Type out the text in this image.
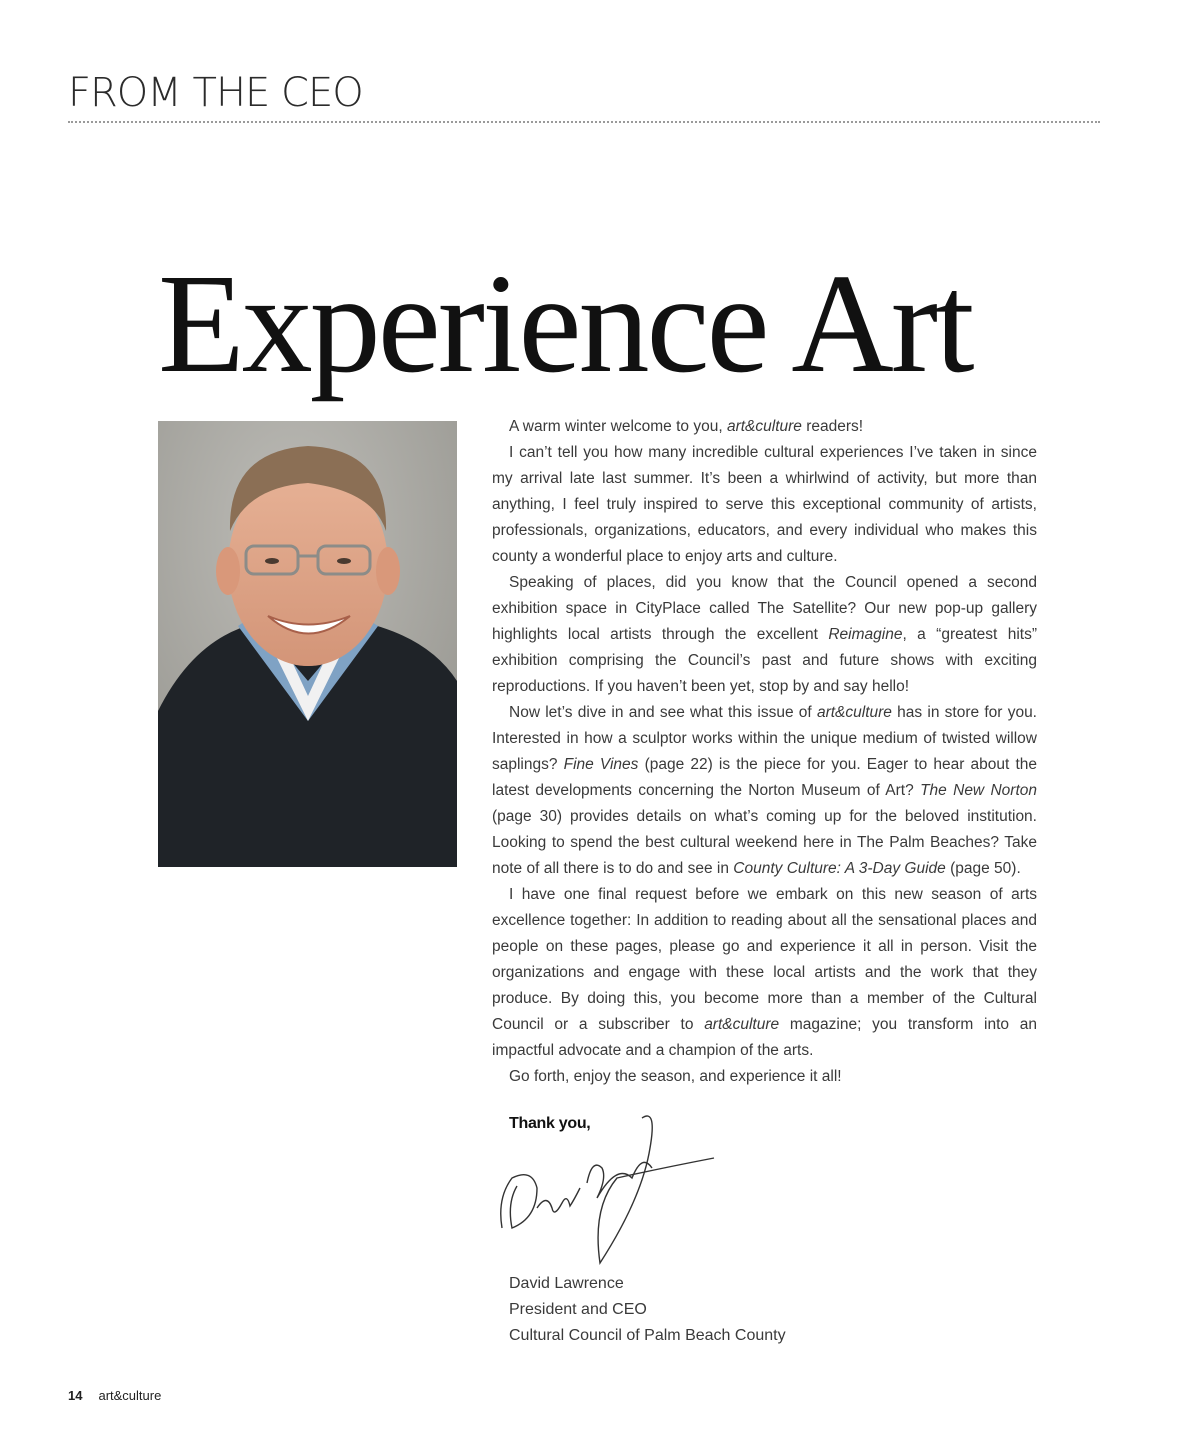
FROM THE CEO
Experience Art

A warm winter welcome to you, art&culture readers!

I can’t tell you how many incredible cultural experiences I’ve taken in since my arrival late last summer. It’s been a whirlwind of activity, but more than anything, I feel truly inspired to serve this exceptional community of artists, professionals, organizations, educators, and every individual who makes this county a wonderful place to enjoy arts and culture.

Speaking of places, did you know that the Council opened a second exhibition space in CityPlace called The Satellite? Our new pop-up gallery highlights local artists through the excellent Reimagine, a “greatest hits” exhibition comprising the Council’s past and future shows with exciting reproductions. If you haven’t been yet, stop by and say hello!

Now let’s dive in and see what this issue of art&culture has in store for you. Interested in how a sculptor works within the unique medium of twisted willow saplings? Fine Vines (page 22) is the piece for you. Eager to hear about the latest developments concerning the Norton Museum of Art? The New Norton (page 30) provides details on what’s coming up for the beloved institution. Looking to spend the best cultural weekend here in The Palm Beaches? Take note of all there is to do and see in County Culture: A 3-Day Guide (page 50).

I have one final request before we embark on this new season of arts excellence together: In addition to reading about all the sensational places and people on these pages, please go and experience it all in person. Visit the organizations and engage with these local artists and the work that they produce. By doing this, you become more than a member of the Cultural Council or a subscriber to art&culture magazine; you transform into an impactful advocate and a champion of the arts.

Go forth, enjoy the season, and experience it all!

Thank you,
David Lawrence
President and CEO
Cultural Council of Palm Beach County
14 art&culture
